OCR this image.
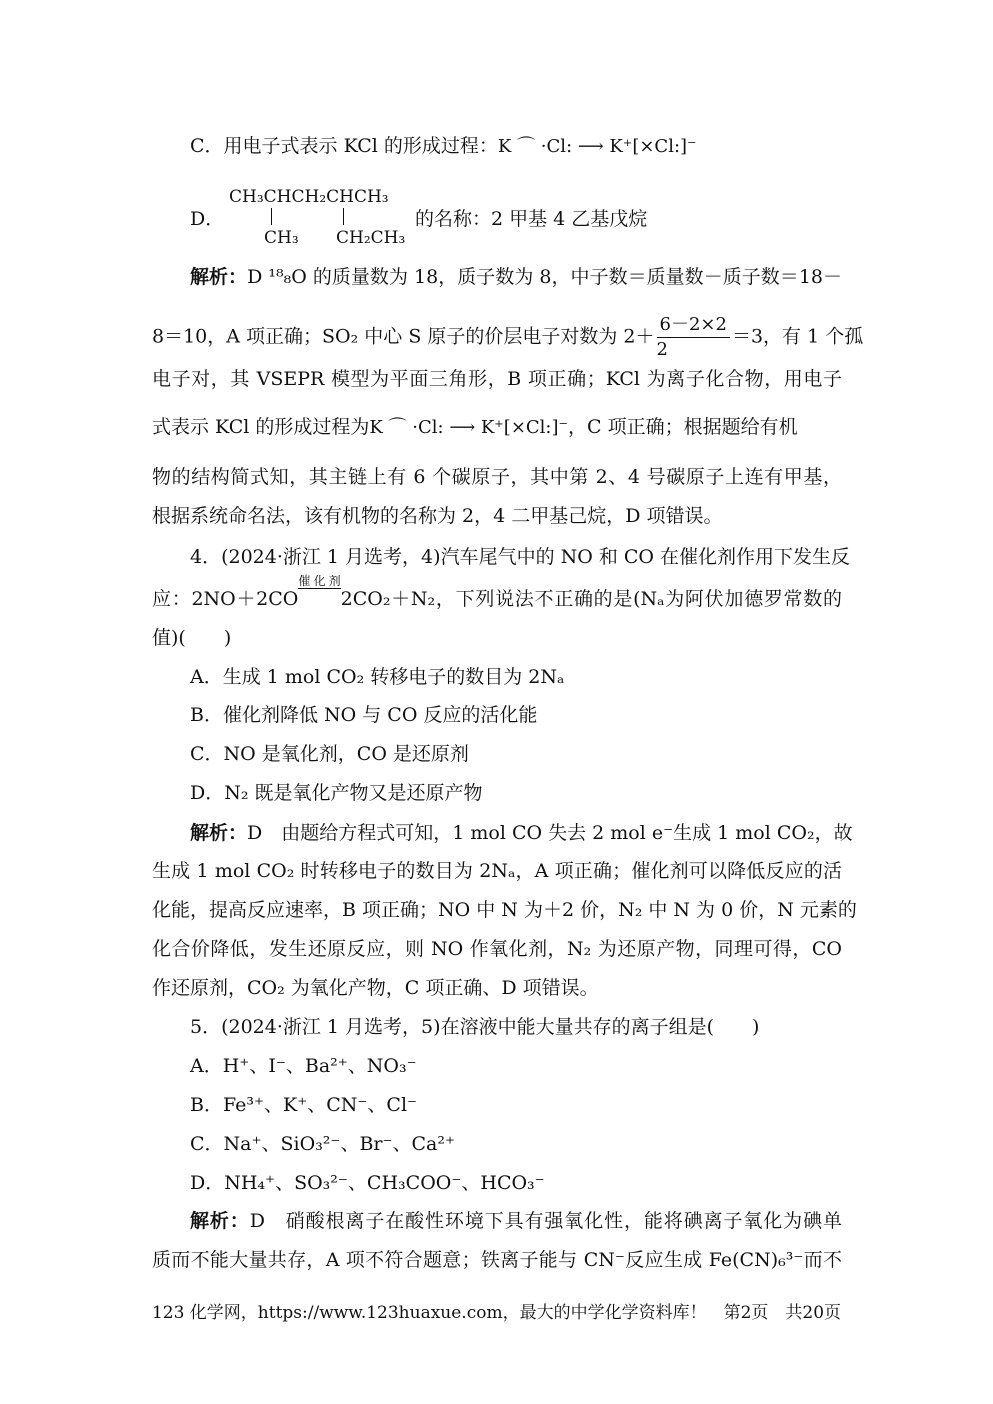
C．用电子式表示 KCl 的形成过程：K ⌒ ·Cl: ⟶ K⁺[×Cl:]⁻
D．
CH₃CHCH₂CHCH₃
CH₃ CH₂CH₃
的名称：2 甲基 4 乙基戊烷
解析：D ¹⁸₈O 的质量数为 18，质子数为 8，中子数＝质量数－质子数＝18－
8＝10，A 项正确；SO₂ 中心 S 原子的价层电子对数为 $2+ \frac{6-2\times 2}{2} =3$，有 1 个孤
电子对，其 VSEPR 模型为平面三角形，B 项正确；KCl 为离子化合物，用电子
式表示 KCl 的形成过程为K ⌒ ·Cl: ⟶ K⁺[×Cl:]⁻，C 项正确；根据题给有机
物的结构简式知，其主链上有 6 个碳原子，其中第 2、4 号碳原子上连有甲基，
根据系统命名法，该有机物的名称为 2，4 二甲基己烷，D 项错误。
4．(2024·浙江 1 月选考，4)汽车尾气中的 NO 和 CO 在催化剂作用下发生反
应：2NO＋2CO
催化剂
2CO₂＋N₂，下列说法不正确的是(Nₐ为阿伏加德罗常数的
值)(　　)
A．生成 1 mol CO₂ 转移电子的数目为 2Nₐ
B．催化剂降低 NO 与 CO 反应的活化能
C．NO 是氧化剂，CO 是还原剂
D．N₂ 既是氧化产物又是还原产物
解析：D　由题给方程式可知，1 mol CO 失去 2 mol e⁻生成 1 mol CO₂，故
生成 1 mol CO₂ 时转移电子的数目为 2Nₐ，A 项正确；催化剂可以降低反应的活
化能，提高反应速率，B 项正确；NO 中 N 为＋2 价，N₂ 中 N 为 0 价，N 元素的
化合价降低，发生还原反应，则 NO 作氧化剂，N₂ 为还原产物，同理可得，CO
作还原剂，CO₂ 为氧化产物，C 项正确、D 项错误。
5．(2024·浙江 1 月选考，5)在溶液中能大量共存的离子组是(　　)
A．H⁺、I⁻、Ba²⁺、NO₃⁻
B．Fe³⁺、K⁺、CN⁻、Cl⁻
C．Na⁺、SiO₃²⁻、Br⁻、Ca²⁺
D．NH₄⁺、SO₃²⁻、CH₃COO⁻、HCO₃⁻
解析：D　硝酸根离子在酸性环境下具有强氧化性，能将碘离子氧化为碘单
质而不能大量共存，A 项不符合题意；铁离子能与 CN⁻反应生成 Fe(CN)₆³⁻而不
123 化学网，https://www.123huaxue.com，最大的中学化学资料库！　第2页　共20页
